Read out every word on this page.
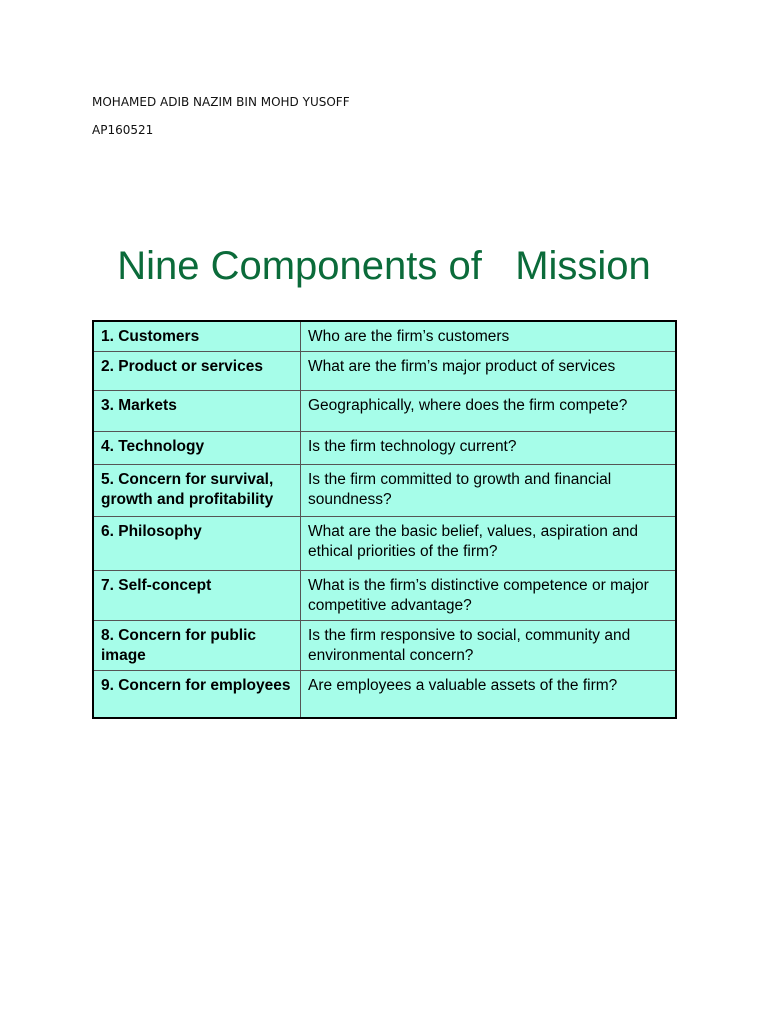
MOHAMED ADIB NAZIM BIN MOHD YUSOFF
AP160521
Nine Components of   Mission
1. Customers	Who are the firm’s customers
2. Product or services	What are the firm’s major product of services
3. Markets	Geographically, where does the firm compete?
4. Technology	Is the firm technology current?
5. Concern for survival, growth and profitability	Is the firm committed to growth and financial soundness?
6. Philosophy	What are the basic belief, values, aspiration and ethical priorities of the firm?
7. Self-concept	What is the firm’s distinctive competence or major competitive advantage?
8. Concern for public image	Is the firm responsive to social, community and environmental concern?
9. Concern for employees	Are employees a valuable assets of the firm?
